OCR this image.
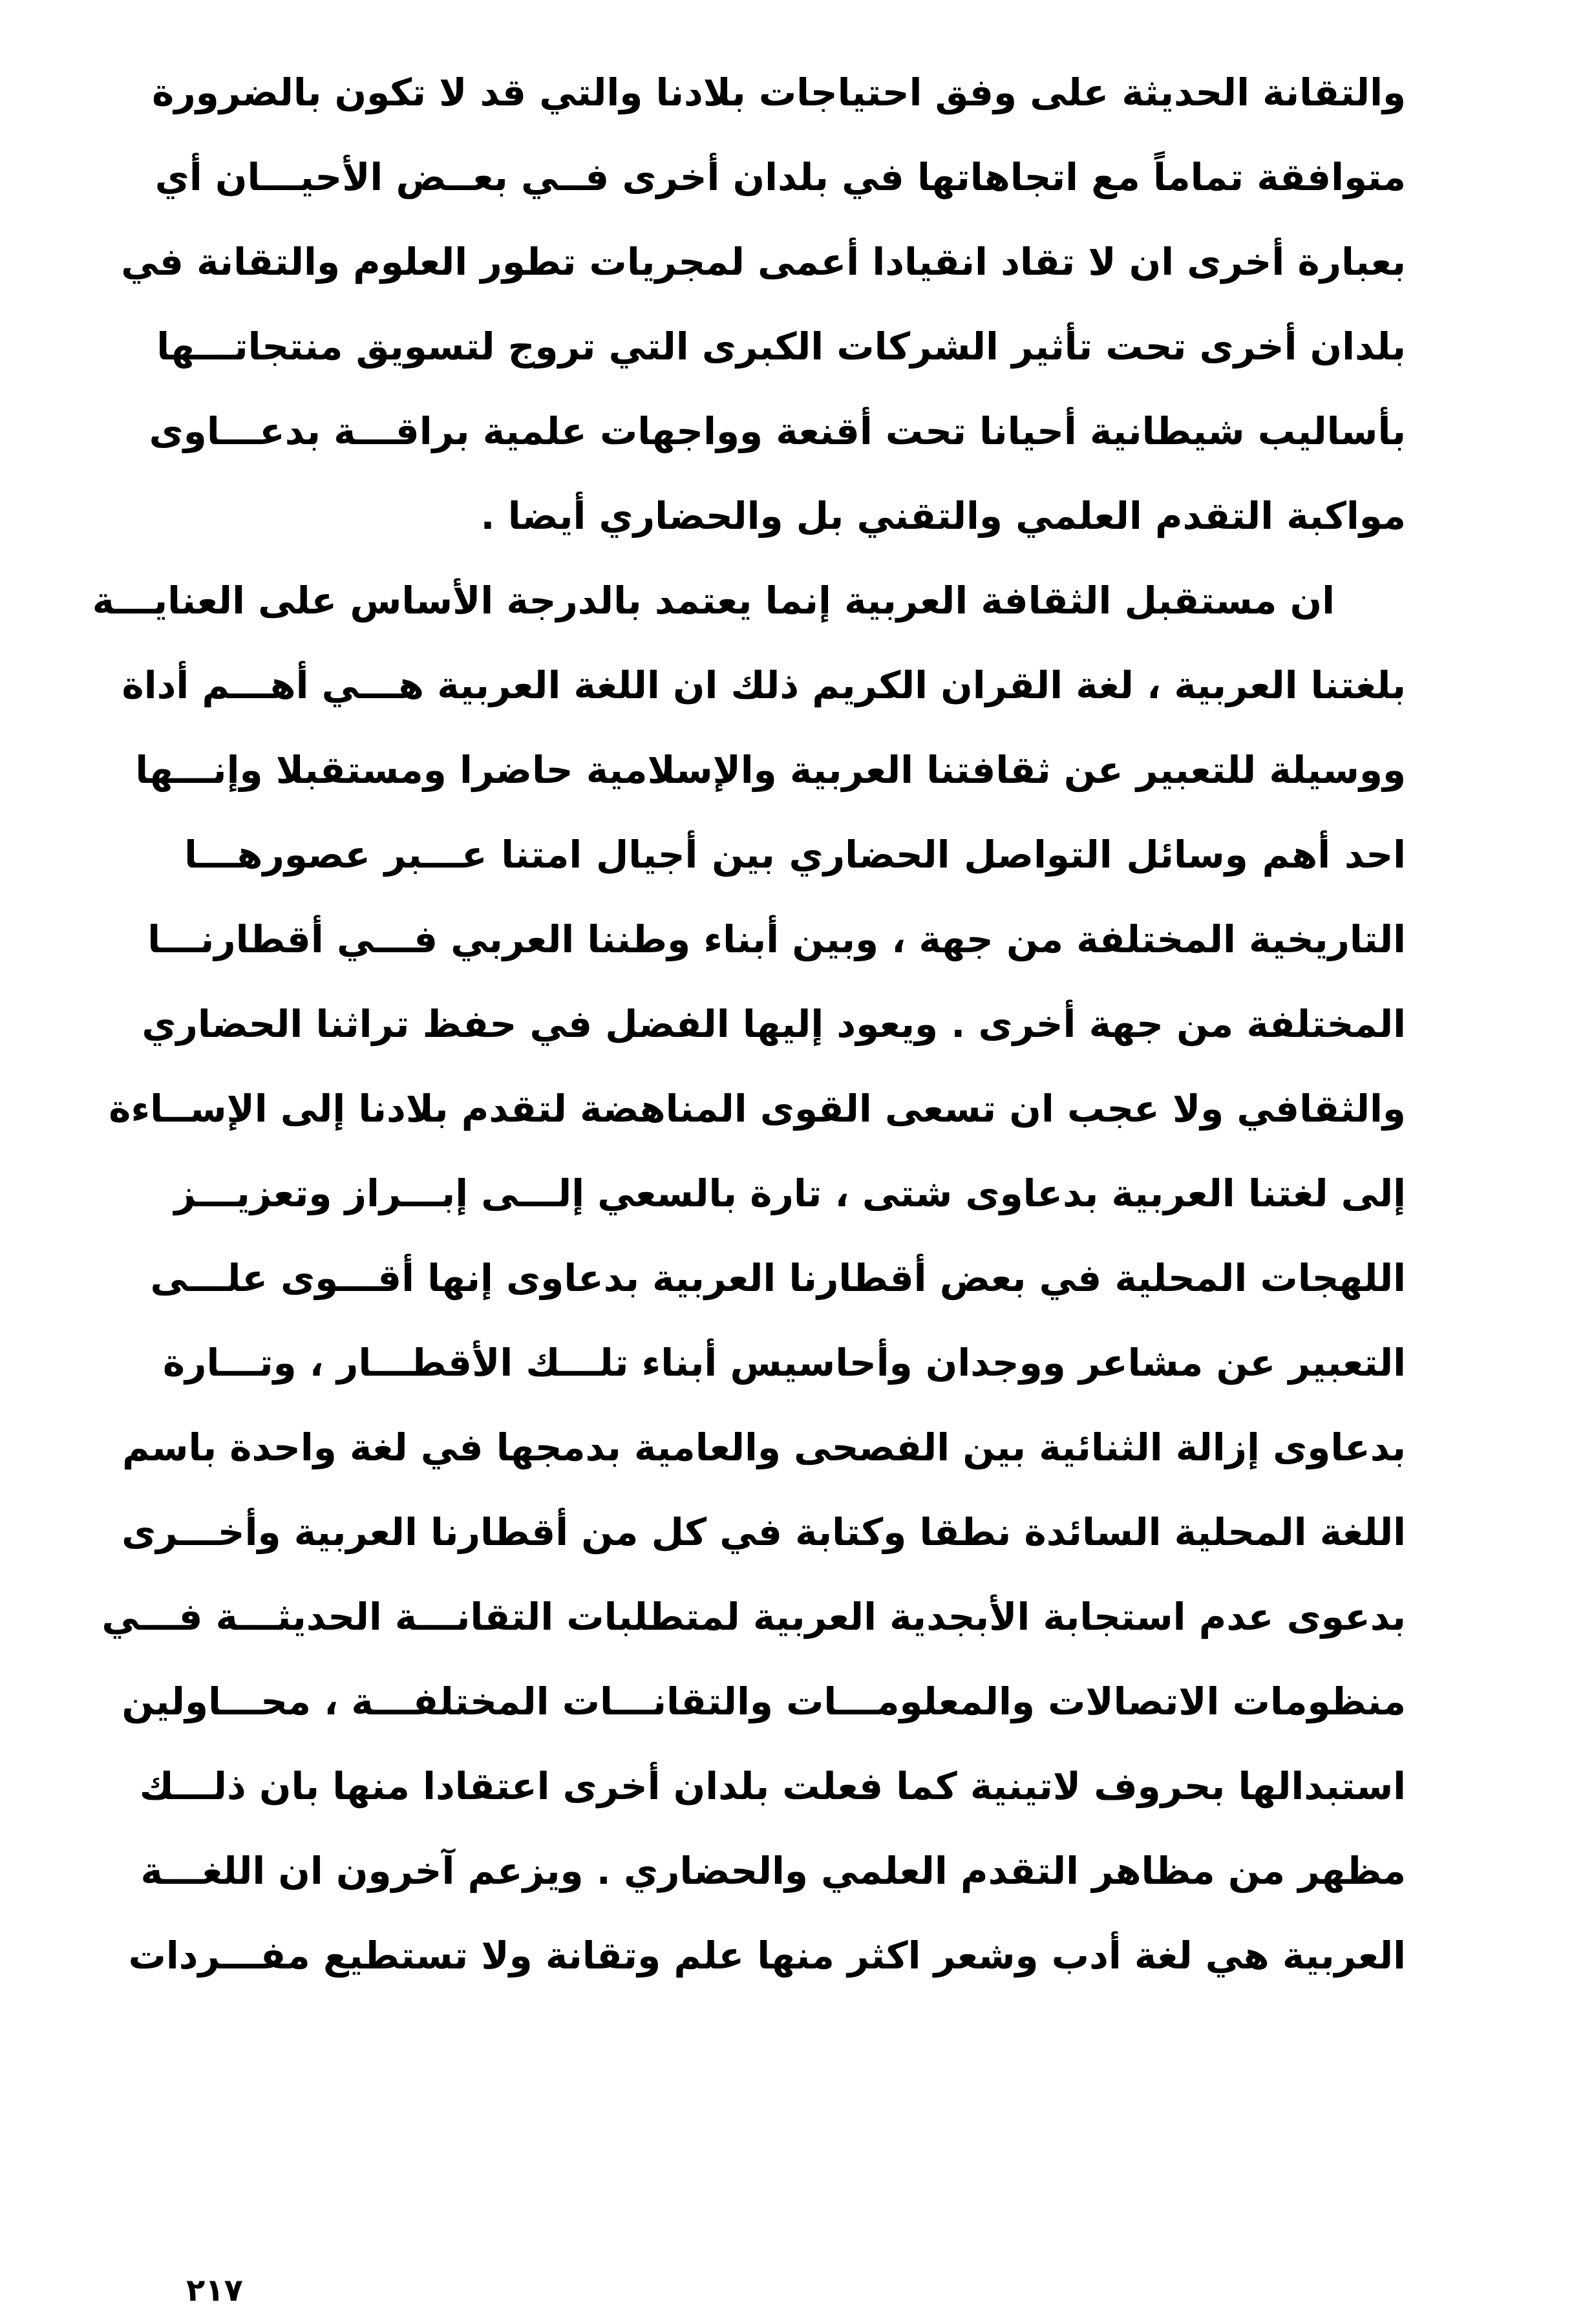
والتقانة الحديثة على وفق احتياجات بلادنا والتي قد لا تكون بالضرورة
متوافقة تماماً مع اتجاهاتها في بلدان أخرى فــي بعــض الأحيـــان أي
بعبارة أخرى ان لا تقاد انقيادا أعمى لمجريات تطور العلوم والتقانة في
بلدان أخرى تحت تأثير الشركات الكبرى التي تروج لتسويق منتجاتـــها
بأساليب شيطانية أحيانا تحت أقنعة وواجهات علمية براقـــة بدعـــاوى
مواكبة التقدم العلمي والتقني بل والحضاري أيضا .
ان مستقبل الثقافة العربية إنما يعتمد بالدرجة الأساس على العنايـــة
بلغتنا العربية ، لغة القران الكريم ذلك ان اللغة العربية هـــي أهـــم أداة
ووسيلة للتعبير عن ثقافتنا العربية والإسلامية حاضرا ومستقبلا وإنـــها
احد أهم وسائل التواصل الحضاري بين أجيال امتنا عـــبر عصورهـــا
التاريخية المختلفة من جهة ، وبين أبناء وطننا العربي فـــي أقطارنـــا
المختلفة من جهة أخرى . ويعود إليها الفضل في حفظ تراثنا الحضاري
والثقافي ولا عجب ان تسعى القوى المناهضة لتقدم بلادنا إلى الإســاءة
إلى لغتنا العربية بدعاوى شتى ، تارة بالسعي إلـــى إبـــراز وتعزيـــز
اللهجات المحلية في بعض أقطارنا العربية بدعاوى إنها أقـــوى علـــى
التعبير عن مشاعر ووجدان وأحاسيس أبناء تلـــك الأقطـــار ، وتـــارة
بدعاوى إزالة الثنائية بين الفصحى والعامية بدمجها في لغة واحدة باسم
اللغة المحلية السائدة نطقا وكتابة في كل من أقطارنا العربية وأخـــرى
بدعوى عدم استجابة الأبجدية العربية لمتطلبات التقانـــة الحديثـــة فـــي
منظومات الاتصالات والمعلومـــات والتقانـــات المختلفـــة ، محـــاولين
استبدالها بحروف لاتينية كما فعلت بلدان أخرى اعتقادا منها بان ذلـــك
مظهر من مظاهر التقدم العلمي والحضاري . ويزعم آخرون ان اللغـــة
العربية هي لغة أدب وشعر اكثر منها علم وتقانة ولا تستطيع مفـــردات
٢١٧
